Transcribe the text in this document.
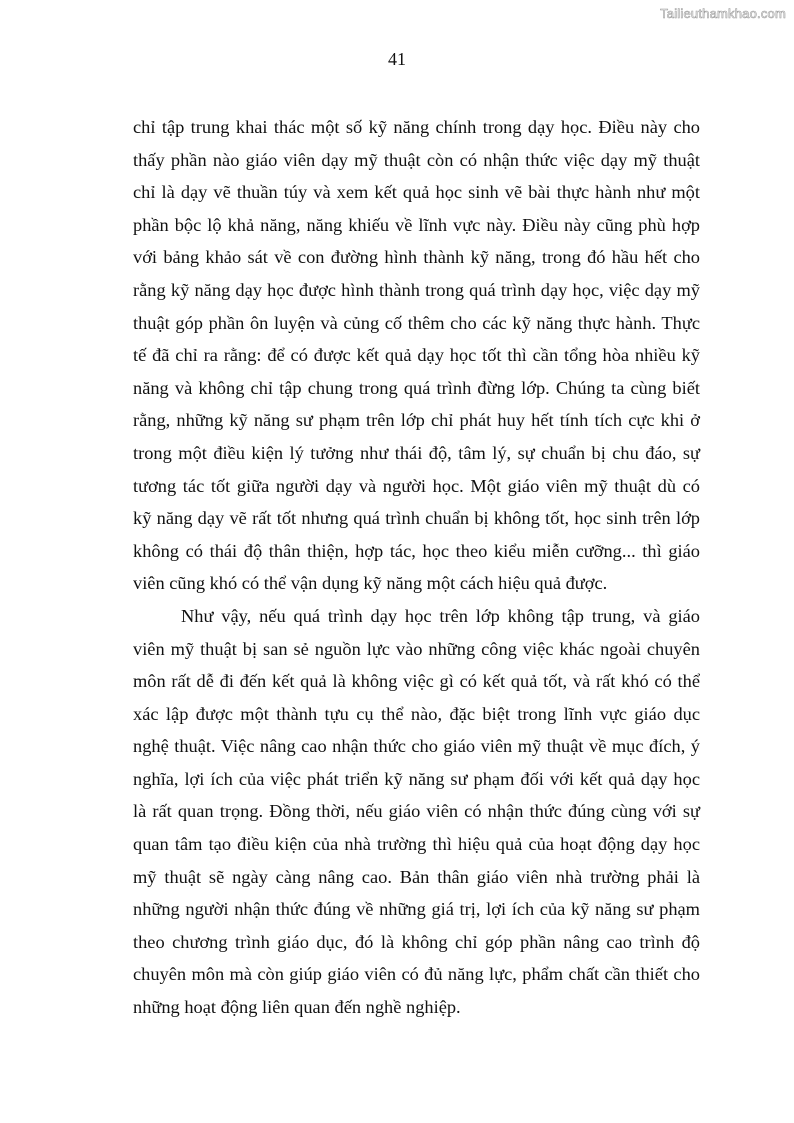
Tailieuthamkhao.com
41
chỉ tập trung khai thác một số kỹ năng chính trong dạy học. Điều này cho
thấy phần nào giáo viên dạy mỹ thuật còn có nhận thức việc dạy mỹ thuật
chỉ là dạy vẽ thuần túy và xem kết quả học sinh vẽ bài thực hành như một
phần bộc lộ khả năng, năng khiếu về lĩnh vực này. Điều này cũng phù hợp
với bảng khảo sát về con đường hình thành kỹ năng, trong đó hầu hết cho
rằng kỹ năng dạy học được hình thành trong quá trình dạy học, việc dạy mỹ
thuật góp phần ôn luyện và củng cố thêm cho các kỹ năng thực hành. Thực
tế đã chỉ ra rằng: để có được kết quả dạy học tốt thì cần tổng hòa nhiều kỹ
năng và không chỉ tập chung trong quá trình đừng lớp. Chúng ta cùng biết
rằng, những kỹ năng sư phạm trên lớp chỉ phát huy hết tính tích cực khi ở
trong một điều kiện lý tưởng như thái độ, tâm lý, sự chuẩn bị chu đáo, sự
tương tác tốt giữa người dạy và người học. Một giáo viên mỹ thuật dù có
kỹ năng dạy vẽ rất tốt nhưng quá trình chuẩn bị không tốt, học sinh trên lớp
không có thái độ thân thiện, hợp tác, học theo kiểu miễn cưỡng... thì giáo
viên cũng khó có thể vận dụng kỹ năng một cách hiệu quả được.
Như vậy, nếu quá trình dạy học trên lớp không tập trung, và giáo
viên mỹ thuật bị san sẻ nguồn lực vào những công việc khác ngoài chuyên
môn rất dễ đi đến kết quả là không việc gì có kết quả tốt, và rất khó có thể
xác lập được một thành tựu cụ thể nào, đặc biệt trong lĩnh vực giáo dục
nghệ thuật. Việc nâng cao nhận thức cho giáo viên mỹ thuật về mục đích, ý
nghĩa, lợi ích của việc phát triển kỹ năng sư phạm đối với kết quả dạy học
là rất quan trọng. Đồng thời, nếu giáo viên có nhận thức đúng cùng với sự
quan tâm tạo điều kiện của nhà trường thì hiệu quả của hoạt động dạy học
mỹ thuật sẽ ngày càng nâng cao. Bản thân giáo viên nhà trường phải là
những người nhận thức đúng về những giá trị, lợi ích của kỹ năng sư phạm
theo chương trình giáo dục, đó là không chỉ góp phần nâng cao trình độ
chuyên môn mà còn giúp giáo viên có đủ năng lực, phẩm chất cần thiết cho
những hoạt động liên quan đến nghề nghiệp.
